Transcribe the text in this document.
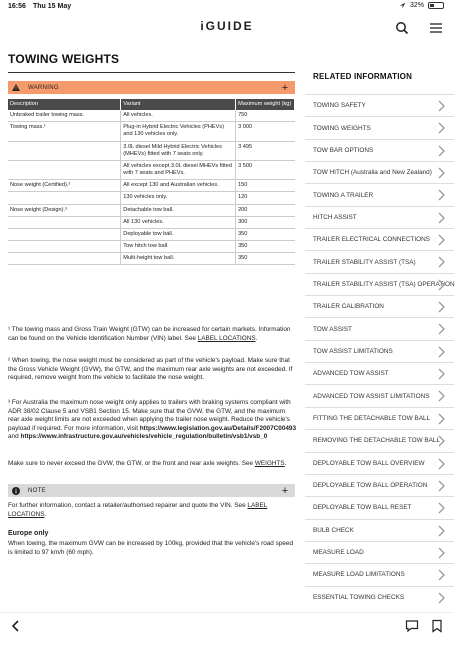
16:56 Thu 15 May	32%
iGUIDE
TOWING WEIGHTS
WARNING	+
Description	Variant	Maximum weight (kg)
Unbraked trailer towing mass.	All vehicles.	750
Towing mass.¹	Plug-in Hybrid Electric Vehicles (PHEVs) and 130 vehicles only.	3 000
	3.0L diesel Mild Hybrid Electric Vehicles (MHEVs) fitted with 7 seats only.	3 495
	All vehicles except 3.0L diesel MHEVs fitted with 7 seats and PHEVs.	3 500
Nose weight (Certified).²	All except 130 and Australian vehicles.	150
	130 vehicles only.	120
Nose weight (Design).³	Detachable tow ball.	200
	All 130 vehicles.	300
	Deployable tow ball.	350
	Tow hitch tow ball.	350
	Multi-height tow ball.	350
¹ The towing mass and Gross Train Weight (GTW) can be increased for certain markets. Information can be found on the Vehicle Identification Number (VIN) label. See LABEL LOCATIONS.
² When towing, the nose weight must be considered as part of the vehicle's payload. Make sure that the Gross Vehicle Weight (GVW), the GTW, and the maximum rear axle weights are not exceeded. If required, remove weight from the vehicle to facilitate the nose weight.
³ For Australia the maximum nose weight only applies to trailers with braking systems compliant with ADR 38/02 Clause 5 and VSB1 Section 15. Make sure that the GVW, the GTW, and the maximum rear axle weight limits are not exceeded when applying the trailer nose weight. Reduce the vehicle's payload if required. For more information, visit https://www.legislation.gov.au/Details/F2007C00493 and https://www.infrastructure.gov.au/vehicles/vehicle_regulation/bulletin/vsb1/vsb_0
Make sure to never exceed the GVW, the GTW, or the front and rear axle weights. See WEIGHTS.
NOTE	+
For further information, contact a retailer/authorised repairer and quote the VIN. See LABEL LOCATIONS.
Europe only
When towing, the maximum GVW can be increased by 100kg, provided that the vehicle's road speed is limited to 97 km/h (60 mph).
RELATED INFORMATION
TOWING SAFETY
TOWING WEIGHTS
TOW BAR OPTIONS
TOW HITCH (Australia and New Zealand)
TOWING A TRAILER
HITCH ASSIST
TRAILER ELECTRICAL CONNECTIONS
TRAILER STABILITY ASSIST (TSA)
TRAILER STABILITY ASSIST (TSA) OPERATION
TRAILER CALIBRATION
TOW ASSIST
TOW ASSIST LIMITATIONS
ADVANCED TOW ASSIST
ADVANCED TOW ASSIST LIMITATIONS
FITTING THE DETACHABLE TOW BALL
REMOVING THE DETACHABLE TOW BALL
DEPLOYABLE TOW BALL OVERVIEW
DEPLOYABLE TOW BALL OPERATION
DEPLOYABLE TOW BALL RESET
BULB CHECK
MEASURE LOAD
MEASURE LOAD LIMITATIONS
ESSENTIAL TOWING CHECKS
